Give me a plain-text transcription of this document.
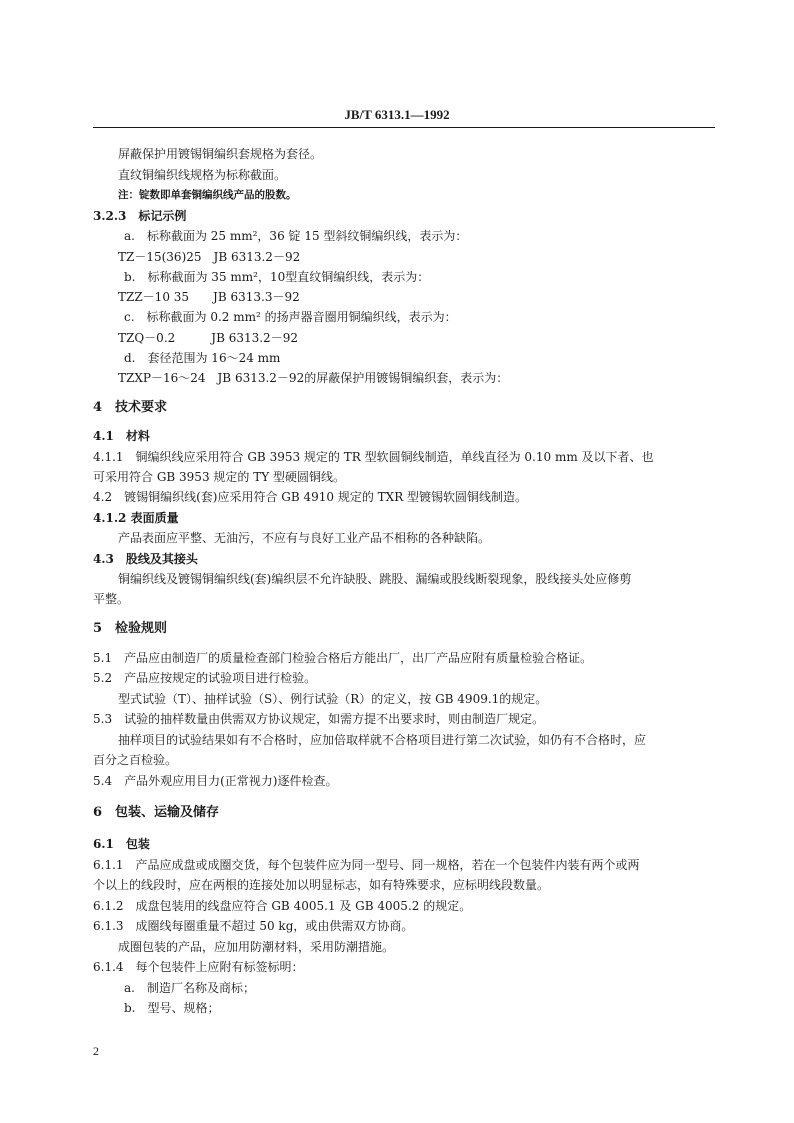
JB/T 6313.1—1992
屏蔽保护用镀锡铜编织套规格为套径。
直纹铜编织线规格为标称截面。
注：锭数即单套铜编织线产品的股数。
3.2.3　标记示例
a.　标称截面为 25 mm²，36 锭 15 型斜纹铜编织线，表示为：
TZ－15(36)25　JB 6313.2－92
b.　标称截面为 35 mm²，10型直纹铜编织线，表示为：
TZZ－10 35　　JB 6313.3－92
c.　标称截面为 0.2 mm² 的扬声器音圈用铜编织线，表示为：
TZQ－0.2　　　JB 6313.2－92
d.　套径范围为 16～24 mm
TZXP－16～24　JB 6313.2－92的屏蔽保护用镀锡铜编织套，表示为：
4　技术要求
4.1　材料
4.1.1　铜编织线应采用符合 GB 3953 规定的 TR 型软圆铜线制造，单线直径为 0.10 mm 及以下者、也
可采用符合 GB 3953 规定的 TY 型硬圆铜线。
4.2　镀锡铜编织线(套)应采用符合 GB 4910 规定的 TXR 型镀锡软圆铜线制造。
4.1.2 表面质量
产品表面应平整、无油污，不应有与良好工业产品不相称的各种缺陷。
4.3　股线及其接头
铜编织线及镀锡铜编织线(套)编织层不允许缺股、跳股、漏编或股线断裂现象，股线接头处应修剪
平整。
5　检验规则
5.1　产品应由制造厂的质量检查部门检验合格后方能出厂，出厂产品应附有质量检验合格证。
5.2　产品应按规定的试验项目进行检验。
型式试验（T）、抽样试验（S）、例行试验（R）的定义，按 GB 4909.1的规定。
5.3　试验的抽样数量由供需双方协议规定，如需方提不出要求时，则由制造厂规定。
抽样项目的试验结果如有不合格时，应加倍取样就不合格项目进行第二次试验，如仍有不合格时，应
百分之百检验。
5.4　产品外观应用目力(正常视力)逐件检查。
6　包装、运输及储存
6.1　包装
6.1.1　产品应成盘或成圈交货，每个包装件应为同一型号、同一规格，若在一个包装件内装有两个或两
个以上的线段时，应在两根的连接处加以明显标志，如有特殊要求，应标明线段数量。
6.1.2　成盘包装用的线盘应符合 GB 4005.1 及 GB 4005.2 的规定。
6.1.3　成圈线每圈重量不超过 50 kg，或由供需双方协商。
成圈包装的产品，应加用防潮材料，采用防潮措施。
6.1.4　每个包装件上应附有标签标明：
a.　制造厂名称及商标；
b.　型号、规格；
2
